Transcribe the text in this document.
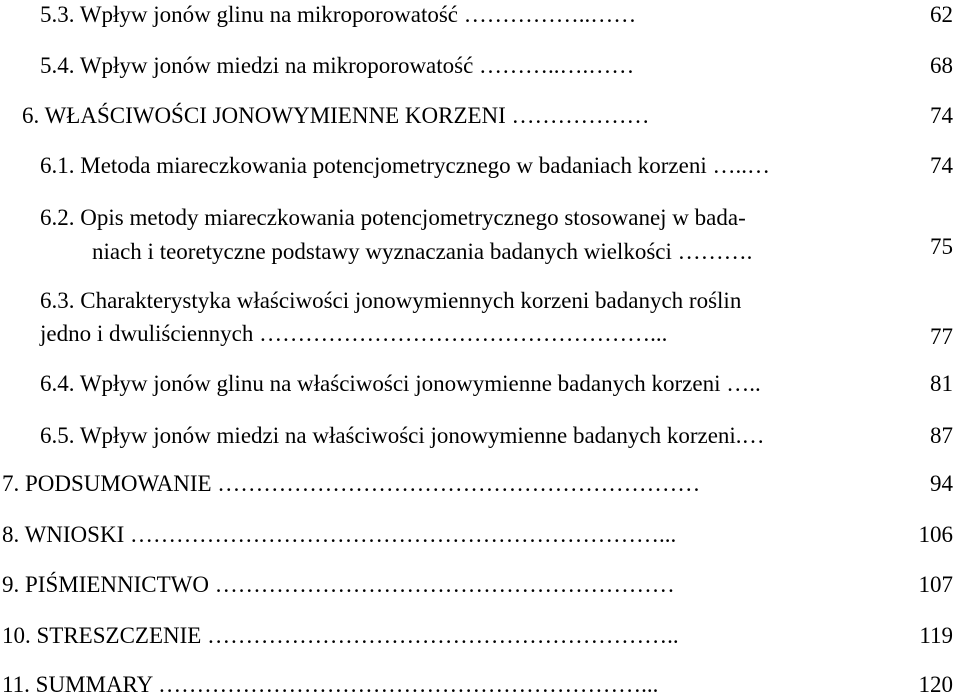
5.3. Wpływ jonów glinu na mikroporowatość ……………..……	62
5.4. Wpływ jonów miedzi na mikroporowatość ………..….……	68
6. WŁAŚCIWOŚCI JONOWYMIENNE KORZENI ………………	74
6.1. Metoda miareczkowania potencjometrycznego w badaniach korzeni …..…	74
6.2. Opis metody miareczkowania potencjometrycznego stosowanej w bada-
niach i teoretyczne podstawy wyznaczania badanych wielkości ……….	75
6.3. Charakterystyka właściwości jonowymiennych korzeni badanych roślin
jedno i dwuliściennych ……………………………………………...	77
6.4. Wpływ jonów glinu na właściwości jonowymienne badanych korzeni …..	81
6.5. Wpływ jonów miedzi na właściwości jonowymienne badanych korzeni.…	87
7. PODSUMOWANIE ………………………………………………………	94
8. WNIOSKI ……………………………………………………………...	106
9. PIŚMIENNICTWO ……………………………………………………	107
10. STRESZCZENIE ……………………………………………………..	119
11. SUMMARY ………………………………………………………...	120
